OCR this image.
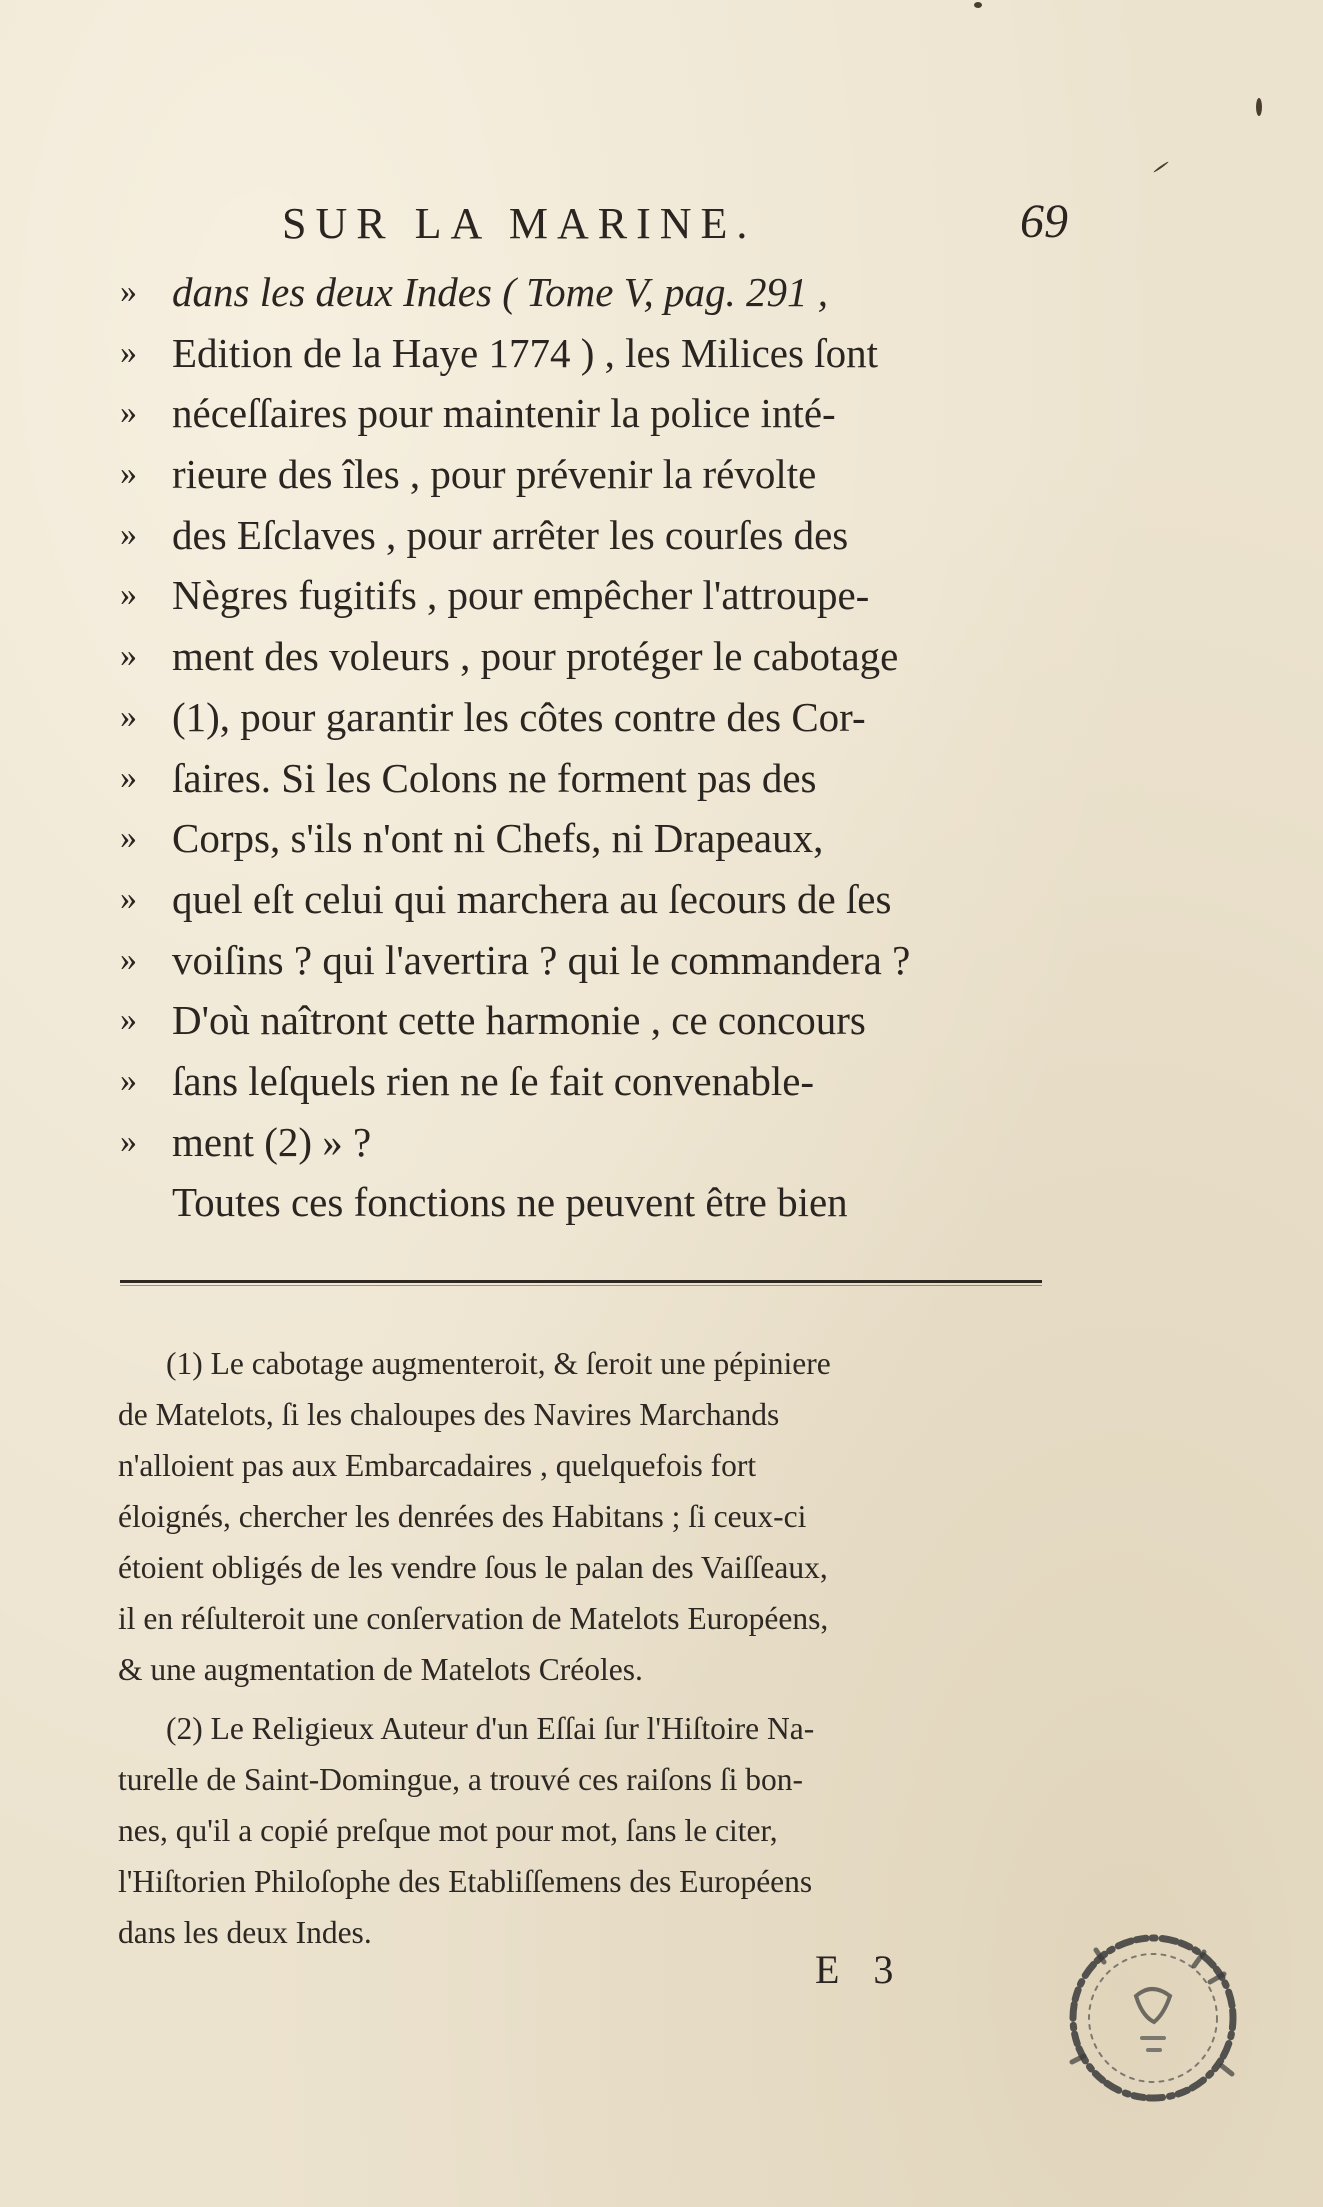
SUR LA MARINE.	69
» dans les deux Indes ( Tome V, pag. 291 ,
» Edition de la Haye 1774 ) , les Milices ſont
» néceſſaires pour maintenir la police inté-
» rieure des îles , pour prévenir la révolte
» des Eſclaves , pour arrêter les courſes des
» Nègres fugitifs , pour empêcher l'attroupe-
» ment des voleurs , pour protéger le cabotage
» (1), pour garantir les côtes contre des Cor-
» ſaires. Si les Colons ne forment pas des
» Corps, s'ils n'ont ni Chefs, ni Drapeaux,
» quel eſt celui qui marchera au ſecours de ſes
» voiſins ? qui l'avertira ? qui le commandera ?
» D'où naîtront cette harmonie , ce concours
» ſans leſquels rien ne ſe fait convenable-
» ment (2) » ?
Toutes ces fonctions ne peuvent être bien
(1) Le cabotage augmenteroit, & ſeroit une pépiniere
de Matelots, ſi les chaloupes des Navires Marchands
n'alloient pas aux Embarcadaires , quelquefois fort
éloignés, chercher les denrées des Habitans ; ſi ceux-ci
étoient obligés de les vendre ſous le palan des Vaiſſeaux,
il en réſulteroit une conſervation de Matelots Européens,
& une augmentation de Matelots Créoles.
(2) Le Religieux Auteur d'un Eſſai ſur l'Hiſtoire Na-
turelle de Saint-Domingue, a trouvé ces raiſons ſi bon-
nes, qu'il a copié preſque mot pour mot, ſans le citer,
l'Hiſtorien Philoſophe des Etabliſſemens des Européens
dans les deux Indes.
E 3
